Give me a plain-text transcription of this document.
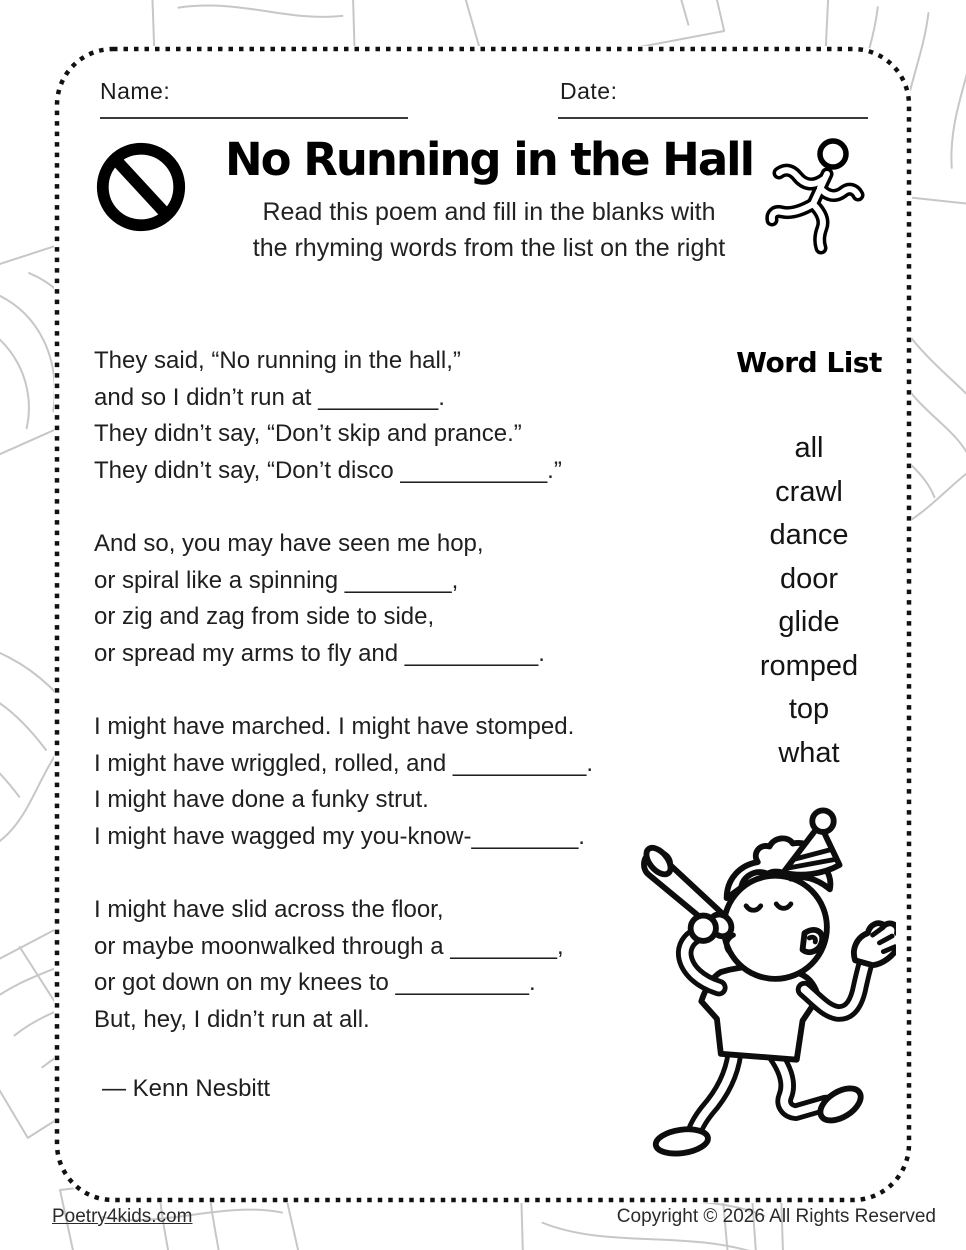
Name:	Date:
No Running in the Hall
Read this poem and fill in the blanks with
the rhyming words from the list on the right

They said, “No running in the hall,”

and so I didn’t run at _________.

They didn’t say, “Don’t skip and prance.”

They didn’t say, “Don’t disco ___________.”

And so, you may have seen me hop,

or spiral like a spinning ________,

or zig and zag from side to side,

or spread my arms to fly and __________.

I might have marched. I might have stomped.

I might have wriggled, rolled, and __________.

I might have done a funky strut.

I might have wagged my you-know-________.

I might have slid across the floor,

or maybe moonwalked through a ________,

or got down on my knees to __________.

But, hey, I didn’t run at all.

— Kenn Nesbitt
Word List
all
crawl
dance
door
glide
romped
top
what
Poetry4kids.com	Copyright © 2026 All Rights Reserved
